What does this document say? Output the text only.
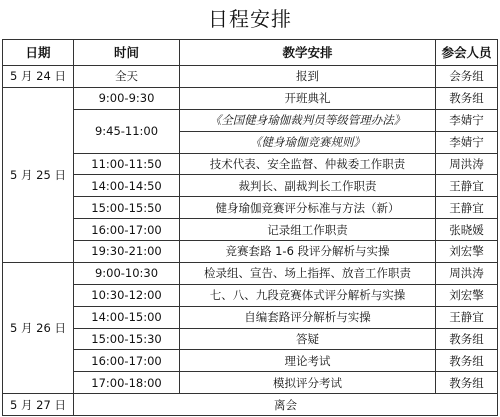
日程安排
日期	时间	教学安排	参会人员
5 月 24 日	全天	报到	会务组
5 月 25 日	9:00-9:30	开班典礼	教务组
	9:45-11:00	《全国健身瑜伽裁判员等级管理办法》	李婧宁
		《健身瑜伽竞赛规则》	李婧宁
	11:00-11:50	技术代表、安全监督、仲裁委工作职责	周洪涛
	14:00-14:50	裁判长、副裁判长工作职责	王静宜
	15:00-15:50	健身瑜伽竞赛评分标准与方法（新）	王静宜
	16:00-17:00	记录组工作职责	张晓媛
	19:30-21:00	竞赛套路 1-6 段评分解析与实操	刘宏擎
5 月 26 日	9:00-10:30	检录组、宣告、场上指挥、放音工作职责	周洪涛
	10:30-12:00	七、八、九段竞赛体式评分解析与实操	刘宏擎
	14:00-15:00	自编套路评分解析与实操	王静宜
	15:00-15:30	答疑	教务组
	16:00-17:00	理论考试	教务组
	17:00-18:00	模拟评分考试	教务组
5 月 27 日	离会		
